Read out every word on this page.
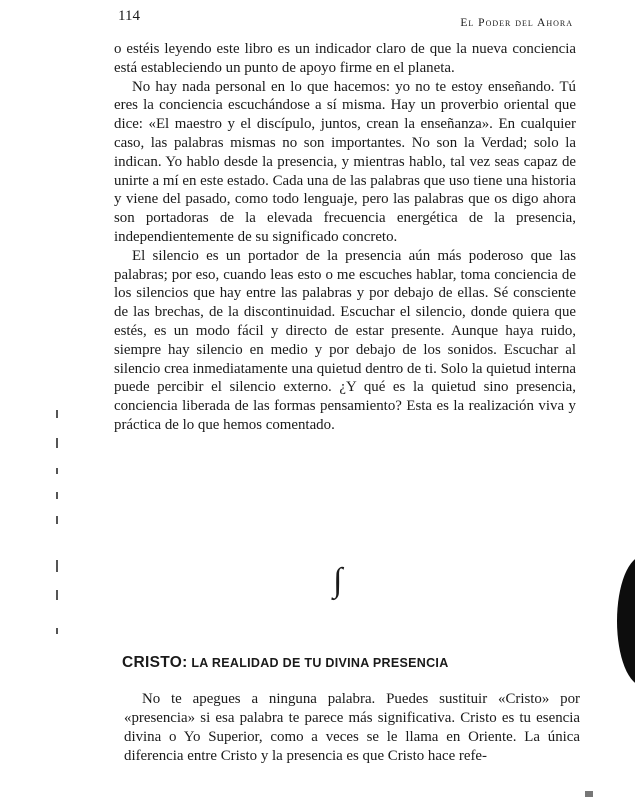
114	El Poder del Ahora

o estéis leyendo este libro es un indicador claro de que la nueva conciencia está estableciendo un punto de apoyo firme en el planeta.

No hay nada personal en lo que hacemos: yo no te estoy enseñando. Tú eres la conciencia escuchándose a sí misma. Hay un proverbio oriental que dice: «El maestro y el discípulo, juntos, crean la enseñanza». En cualquier caso, las palabras mismas no son importantes. No son la Verdad; solo la indican. Yo hablo desde la presencia, y mientras hablo, tal vez seas capaz de unirte a mí en este estado. Cada una de las palabras que uso tiene una historia y viene del pasado, como todo lenguaje, pero las palabras que os digo ahora son portadoras de la elevada frecuencia energética de la presencia, independientemente de su significado concreto.

El silencio es un portador de la presencia aún más poderoso que las palabras; por eso, cuando leas esto o me escuches hablar, toma conciencia de los silencios que hay entre las palabras y por debajo de ellas. Sé consciente de las brechas, de la discontinuidad. Escuchar el silencio, donde quiera que estés, es un modo fácil y directo de estar presente. Aunque haya ruido, siempre hay silencio en medio y por debajo de los sonidos. Escuchar al silencio crea inmediatamente una quietud dentro de ti. Solo la quietud interna puede percibir el silencio externo. ¿Y qué es la quietud sino presencia, conciencia liberada de las formas pensamiento? Esta es la realización viva y práctica de lo que hemos comentado.

∫
CRISTO: LA REALIDAD DE TU DIVINA PRESENCIA

No te apegues a ninguna palabra. Puedes sustituir «Cristo» por «presencia» si esa palabra te parece más significativa. Cristo es tu esencia divina o Yo Superior, como a veces se le llama en Oriente. La única diferencia entre Cristo y la presencia es que Cristo hace refe-
